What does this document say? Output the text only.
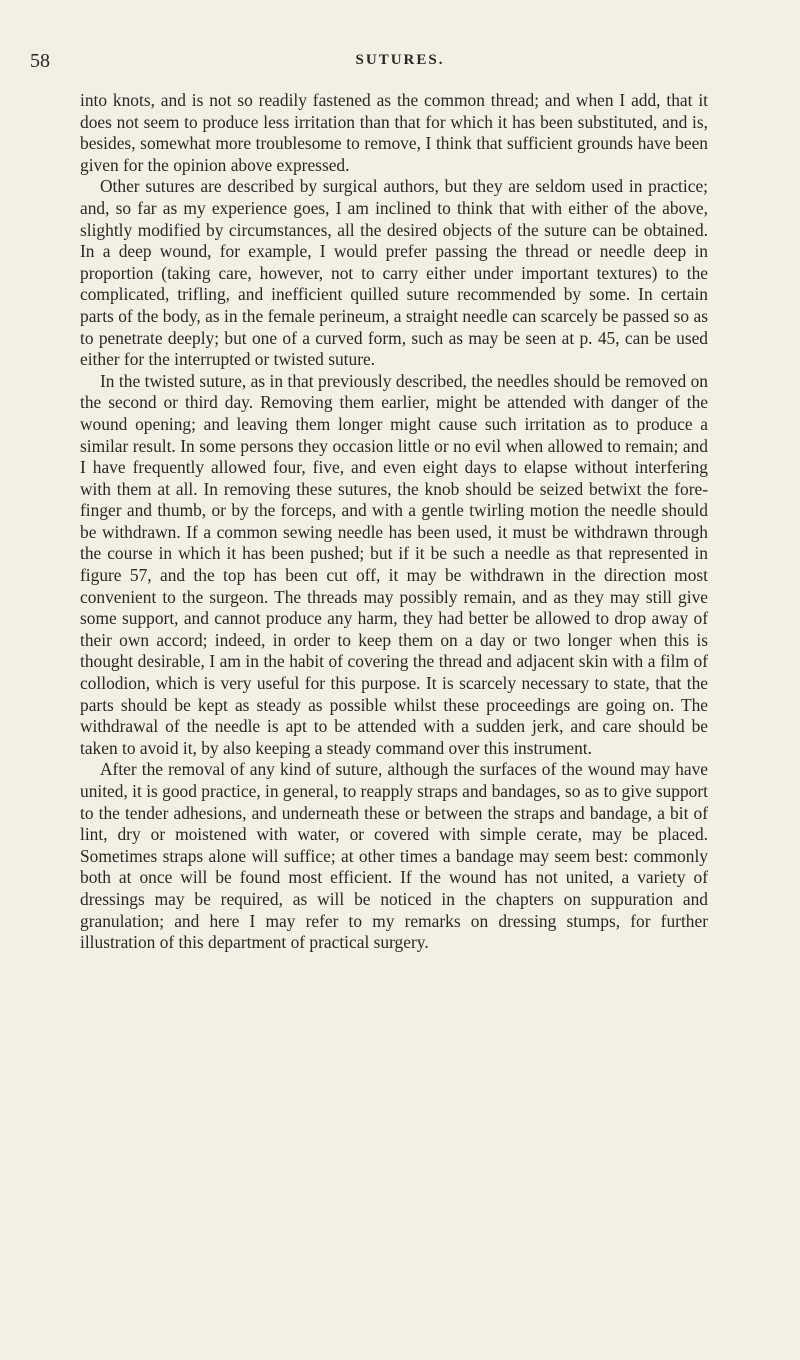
58	SUTURES.

into knots, and is not so readily fastened as the common thread; and when I add, that it does not seem to produce less irritation than that for which it has been substituted, and is, besides, somewhat more troublesome to remove, I think that sufficient grounds have been given for the opinion above expressed.

Other sutures are described by surgical authors, but they are seldom used in practice; and, so far as my experience goes, I am inclined to think that with either of the above, slightly modified by circumstances, all the desired objects of the suture can be obtained. In a deep wound, for example, I would prefer passing the thread or needle deep in proportion (taking care, however, not to carry either under important textures) to the complicated, trifling, and inefficient quilled suture recommended by some. In certain parts of the body, as in the female perineum, a straight needle can scarcely be passed so as to penetrate deeply; but one of a curved form, such as may be seen at p. 45, can be used either for the interrupted or twisted suture.

In the twisted suture, as in that previously described, the needles should be removed on the second or third day. Removing them earlier, might be attended with danger of the wound opening; and leaving them longer might cause such irritation as to produce a similar result. In some persons they occasion little or no evil when allowed to remain; and I have frequently allowed four, five, and even eight days to elapse without interfering with them at all. In removing these sutures, the knob should be seized betwixt the fore-finger and thumb, or by the forceps, and with a gentle twirling motion the needle should be withdrawn. If a common sewing needle has been used, it must be withdrawn through the course in which it has been pushed; but if it be such a needle as that represented in figure 57, and the top has been cut off, it may be withdrawn in the direction most convenient to the surgeon. The threads may possibly remain, and as they may still give some support, and cannot produce any harm, they had better be allowed to drop away of their own accord; indeed, in order to keep them on a day or two longer when this is thought desirable, I am in the habit of covering the thread and adjacent skin with a film of collodion, which is very useful for this purpose. It is scarcely necessary to state, that the parts should be kept as steady as possible whilst these proceedings are going on. The withdrawal of the needle is apt to be attended with a sudden jerk, and care should be taken to avoid it, by also keeping a steady command over this instrument.

After the removal of any kind of suture, although the surfaces of the wound may have united, it is good practice, in general, to reapply straps and bandages, so as to give support to the tender adhesions, and underneath these or between the straps and bandage, a bit of lint, dry or moistened with water, or covered with simple cerate, may be placed. Sometimes straps alone will suffice; at other times a bandage may seem best: commonly both at once will be found most efficient. If the wound has not united, a variety of dressings may be required, as will be noticed in the chapters on suppuration and granulation; and here I may refer to my remarks on dressing stumps, for further illustration of this department of practical surgery.
